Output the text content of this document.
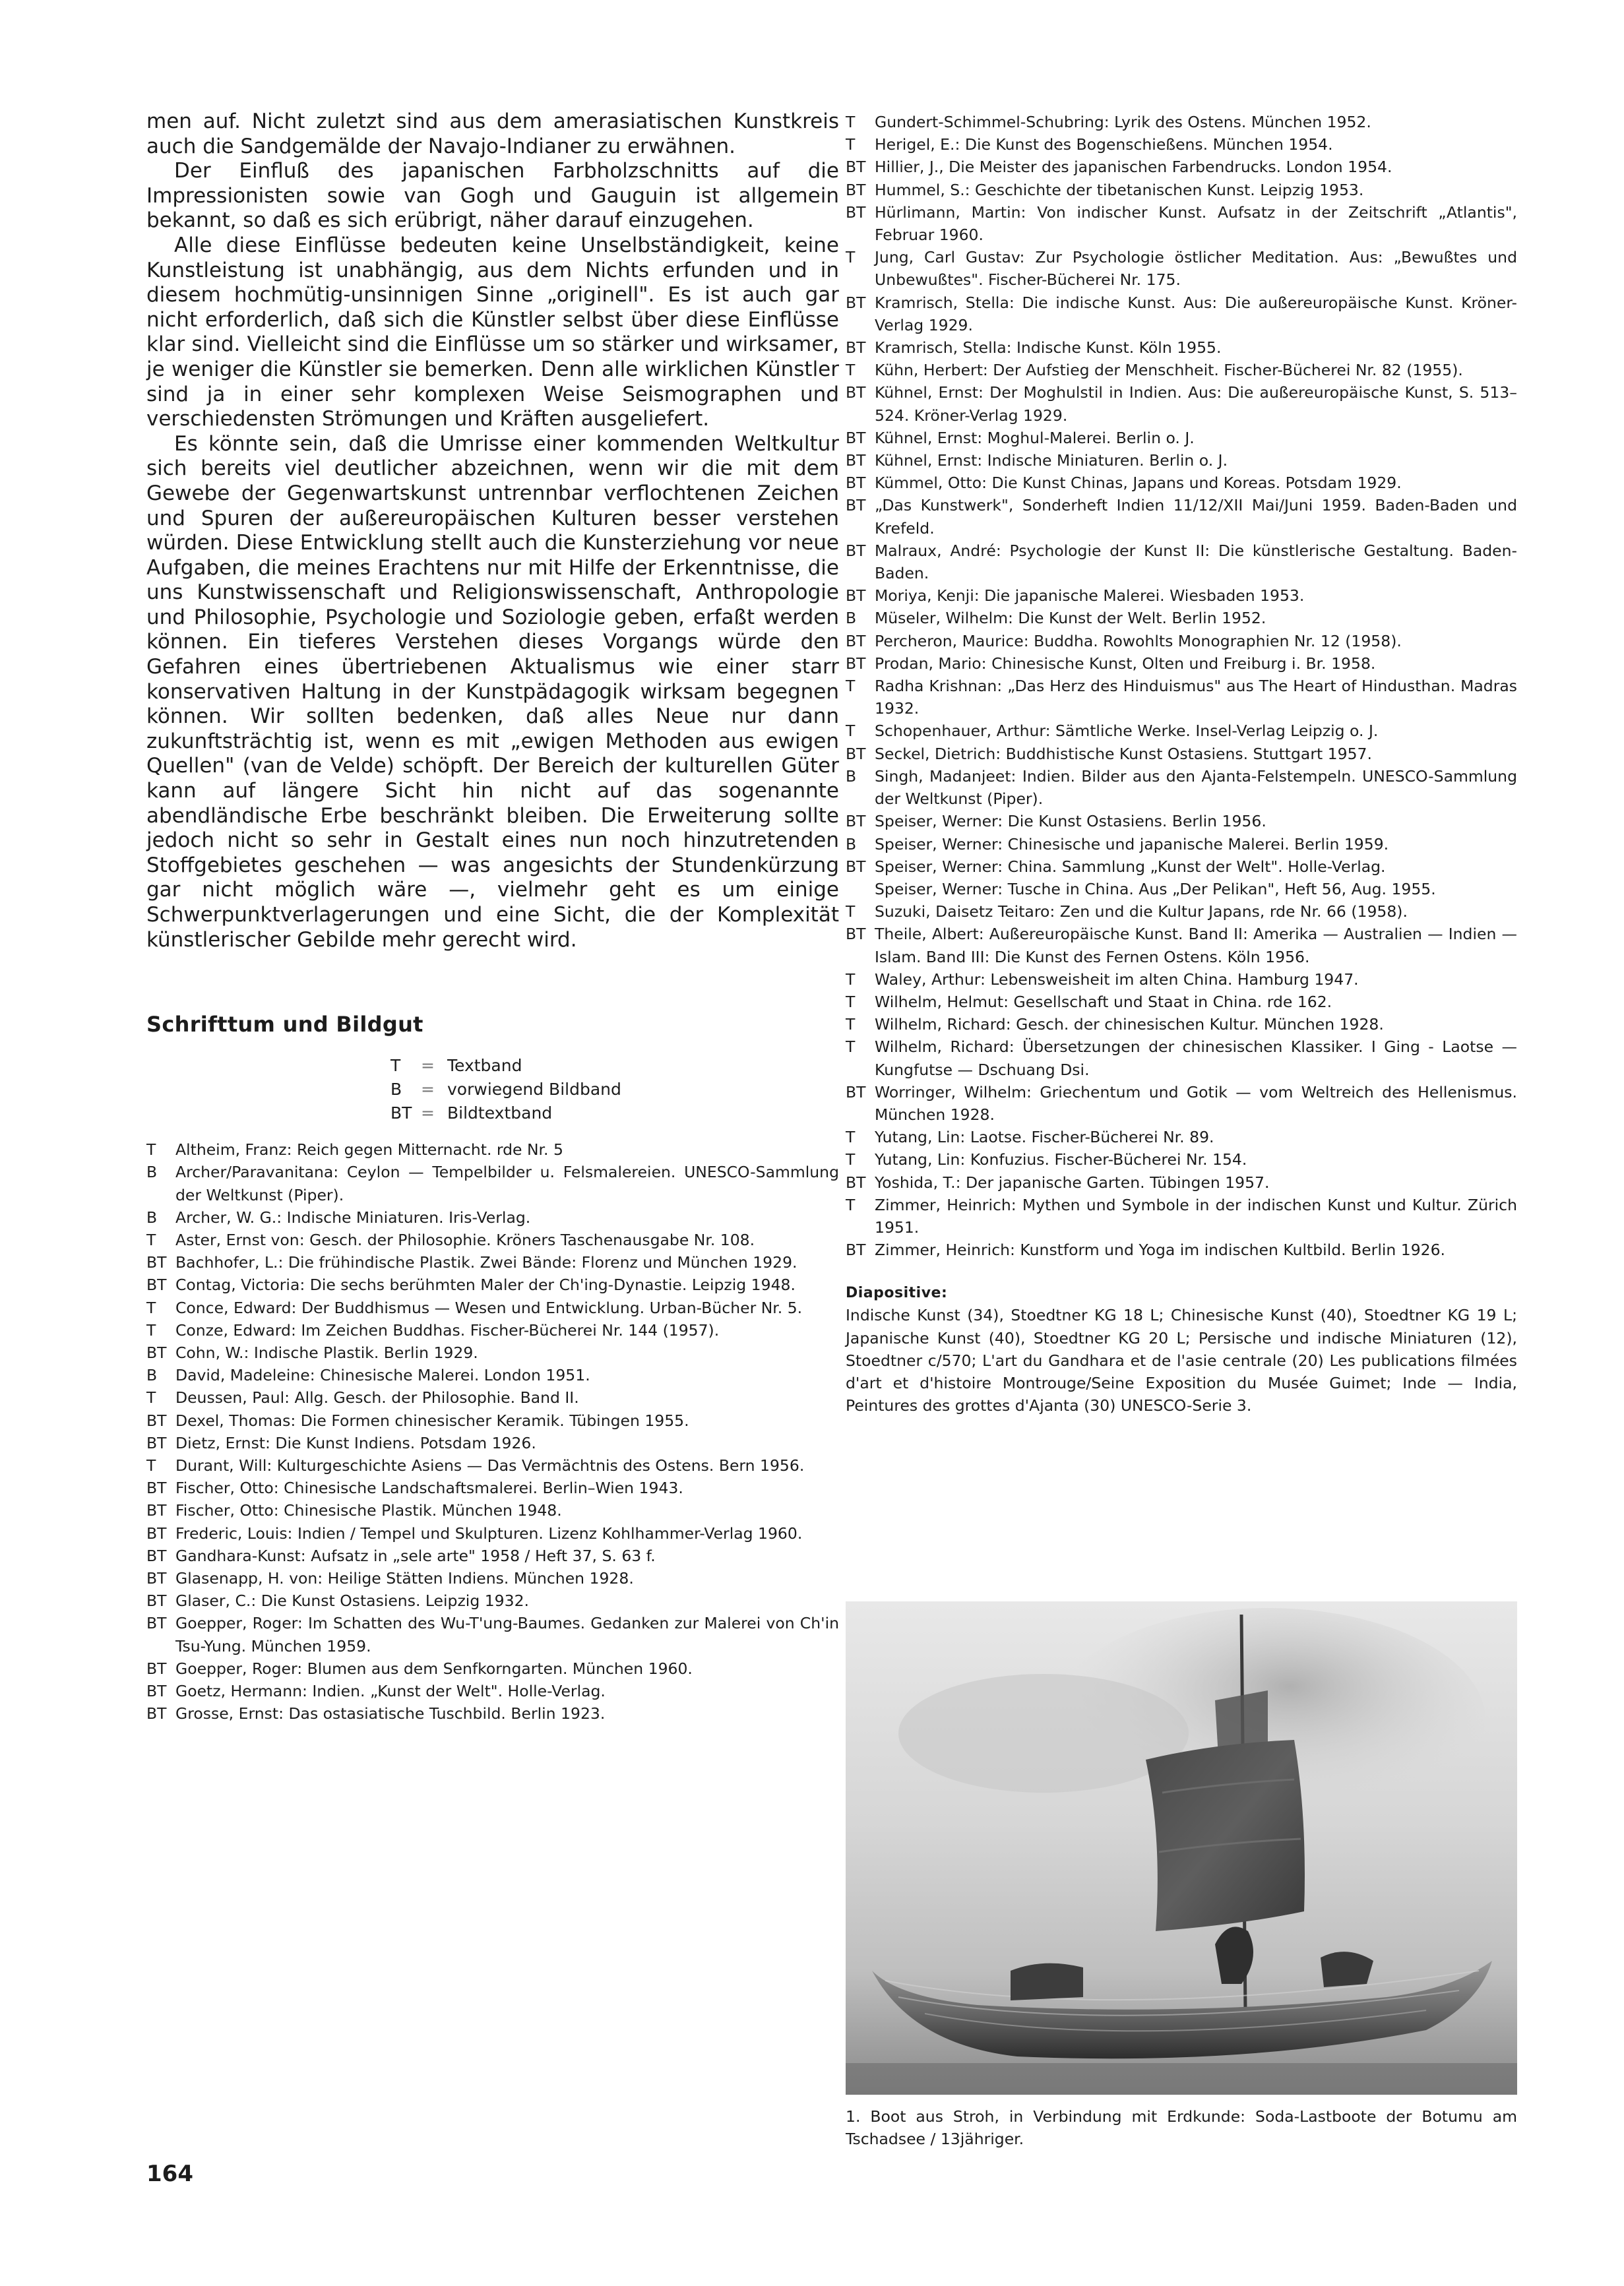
men auf. Nicht zuletzt sind aus dem amerasiatischen Kunstkreis auch die Sandgemälde der Navajo-Indianer zu erwähnen.

Der Einfluß des japanischen Farbholzschnitts auf die Impressionisten sowie van Gogh und Gauguin ist allgemein bekannt, so daß es sich erübrigt, näher darauf einzugehen.

Alle diese Einflüsse bedeuten keine Unselbständigkeit, keine Kunstleistung ist unabhängig, aus dem Nichts erfunden und in diesem hochmütig-unsinnigen Sinne „originell". Es ist auch gar nicht erforderlich, daß sich die Künstler selbst über diese Einflüsse klar sind. Vielleicht sind die Einflüsse um so stärker und wirksamer, je weniger die Künstler sie bemerken. Denn alle wirklichen Künstler sind ja in einer sehr komplexen Weise Seismographen und verschiedensten Strömungen und Kräften ausgeliefert.

Es könnte sein, daß die Umrisse einer kommenden Weltkultur sich bereits viel deutlicher abzeichnen, wenn wir die mit dem Gewebe der Gegenwartskunst untrennbar verflochtenen Zeichen und Spuren der außereuropäischen Kulturen besser verstehen würden. Diese Entwicklung stellt auch die Kunsterziehung vor neue Aufgaben, die meines Erachtens nur mit Hilfe der Erkenntnisse, die uns Kunstwissenschaft und Religionswissenschaft, Anthropologie und Philosophie, Psychologie und Soziologie geben, erfaßt werden können. Ein tieferes Verstehen dieses Vorgangs würde den Gefahren eines übertriebenen Aktualismus wie einer starr konservativen Haltung in der Kunstpädagogik wirksam begegnen können. Wir sollten bedenken, daß alles Neue nur dann zukunftsträchtig ist, wenn es mit „ewigen Methoden aus ewigen Quellen" (van de Velde) schöpft. Der Bereich der kulturellen Güter kann auf längere Sicht hin nicht auf das sogenannte abendländische Erbe beschränkt bleiben. Die Erweiterung sollte jedoch nicht so sehr in Gestalt eines nun noch hinzutretenden Stoffgebietes geschehen — was angesichts der Stundenkürzung gar nicht möglich wäre —, vielmehr geht es um einige Schwerpunktverlagerungen und eine Sicht, die der Komplexität künstlerischer Gebilde mehr gerecht wird.

Schrifttum und Bildgut
T	= Textband
B	= vorwiegend Bildband
BT = Bildtextband
T	Altheim, Franz: Reich gegen Mitternacht. rde Nr. 5
B	Archer/Paravanitana: Ceylon — Tempelbilder u. Felsmalereien. UNESCO-Sammlung der Weltkunst (Piper).
B	Archer, W. G.: Indische Miniaturen. Iris-Verlag.
T	Aster, Ernst von: Gesch. der Philosophie. Kröners Taschenausgabe Nr. 108.
BT Bachhofer, L.: Die frühindische Plastik. Zwei Bände: Florenz und München 1929.
BT Contag, Victoria: Die sechs berühmten Maler der Ch'ing-Dynastie. Leipzig 1948.
T	Conce, Edward: Der Buddhismus — Wesen und Entwicklung. Urban-Bücher Nr. 5.
T	Conze, Edward: Im Zeichen Buddhas. Fischer-Bücherei Nr. 144 (1957).
BT Cohn, W.: Indische Plastik. Berlin 1929.
B	David, Madeleine: Chinesische Malerei. London 1951.
T	Deussen, Paul: Allg. Gesch. der Philosophie. Band II.
BT Dexel, Thomas: Die Formen chinesischer Keramik. Tübingen 1955.
BT Dietz, Ernst: Die Kunst Indiens. Potsdam 1926.
T	Durant, Will: Kulturgeschichte Asiens — Das Vermächtnis des Ostens. Bern 1956.
BT Fischer, Otto: Chinesische Landschaftsmalerei. Berlin–Wien 1943.
BT Fischer, Otto: Chinesische Plastik. München 1948.
BT Frederic, Louis: Indien / Tempel und Skulpturen. Lizenz Kohlhammer-Verlag 1960.
BT Gandhara-Kunst: Aufsatz in „sele arte" 1958 / Heft 37, S. 63 f.
BT Glasenapp, H. von: Heilige Stätten Indiens. München 1928.
BT Glaser, C.: Die Kunst Ostasiens. Leipzig 1932.
BT Goepper, Roger: Im Schatten des Wu-T'ung-Baumes. Gedanken zur Malerei von Ch'in Tsu-Yung. München 1959.
BT Goepper, Roger: Blumen aus dem Senfkorngarten. München 1960.
BT Goetz, Hermann: Indien. „Kunst der Welt". Holle-Verlag.
BT Grosse, Ernst: Das ostasiatische Tuschbild. Berlin 1923.
T	Gundert-Schimmel-Schubring: Lyrik des Ostens. München 1952.
T	Herigel, E.: Die Kunst des Bogenschießens. München 1954.
BT Hillier, J., Die Meister des japanischen Farbendrucks. London 1954.
BT Hummel, S.: Geschichte der tibetanischen Kunst. Leipzig 1953.
BT Hürlimann, Martin: Von indischer Kunst. Aufsatz in der Zeitschrift „Atlantis", Februar 1960.
T	Jung, Carl Gustav: Zur Psychologie östlicher Meditation. Aus: „Bewußtes und Unbewußtes". Fischer-Bücherei Nr. 175.
BT Kramrisch, Stella: Die indische Kunst. Aus: Die außereuropäische Kunst. Kröner-Verlag 1929.
BT Kramrisch, Stella: Indische Kunst. Köln 1955.
T	Kühn, Herbert: Der Aufstieg der Menschheit. Fischer-Bücherei Nr. 82 (1955).
BT Kühnel, Ernst: Der Moghulstil in Indien. Aus: Die außereuropäische Kunst, S. 513–524. Kröner-Verlag 1929.
BT Kühnel, Ernst: Moghul-Malerei. Berlin o. J.
BT Kühnel, Ernst: Indische Miniaturen. Berlin o. J.
BT Kümmel, Otto: Die Kunst Chinas, Japans und Koreas. Potsdam 1929.
BT „Das Kunstwerk", Sonderheft Indien 11/12/XII Mai/Juni 1959. Baden-Baden und Krefeld.
BT Malraux, André: Psychologie der Kunst II: Die künstlerische Gestaltung. Baden-Baden.
BT Moriya, Kenji: Die japanische Malerei. Wiesbaden 1953.
B	Müseler, Wilhelm: Die Kunst der Welt. Berlin 1952.
BT Percheron, Maurice: Buddha. Rowohlts Monographien Nr. 12 (1958).
BT Prodan, Mario: Chinesische Kunst, Olten und Freiburg i. Br. 1958.
T	Radha Krishnan: „Das Herz des Hinduismus" aus The Heart of Hindusthan. Madras 1932.
T	Schopenhauer, Arthur: Sämtliche Werke. Insel-Verlag Leipzig o. J.
BT Seckel, Dietrich: Buddhistische Kunst Ostasiens. Stuttgart 1957.
B	Singh, Madanjeet: Indien. Bilder aus den Ajanta-Felstempeln. UNESCO-Sammlung der Weltkunst (Piper).
BT Speiser, Werner: Die Kunst Ostasiens. Berlin 1956.
B	Speiser, Werner: Chinesische und japanische Malerei. Berlin 1959.
BT Speiser, Werner: China. Sammlung „Kunst der Welt". Holle-Verlag.
Speiser, Werner: Tusche in China. Aus „Der Pelikan", Heft 56, Aug. 1955.
T	Suzuki, Daisetz Teitaro: Zen und die Kultur Japans, rde Nr. 66 (1958).
BT Theile, Albert: Außereuropäische Kunst. Band II: Amerika — Australien — Indien — Islam. Band III: Die Kunst des Fernen Ostens. Köln 1956.
T	Waley, Arthur: Lebensweisheit im alten China. Hamburg 1947.
T	Wilhelm, Helmut: Gesellschaft und Staat in China. rde 162.
T	Wilhelm, Richard: Gesch. der chinesischen Kultur. München 1928.
T	Wilhelm, Richard: Übersetzungen der chinesischen Klassiker. I Ging - Laotse — Kungfutse — Dschuang Dsi.
BT Worringer, Wilhelm: Griechentum und Gotik — vom Weltreich des Hellenismus. München 1928.
T	Yutang, Lin: Laotse. Fischer-Bücherei Nr. 89.
T	Yutang, Lin: Konfuzius. Fischer-Bücherei Nr. 154.
BT Yoshida, T.: Der japanische Garten. Tübingen 1957.
T	Zimmer, Heinrich: Mythen und Symbole in der indischen Kunst und Kultur. Zürich 1951.
BT Zimmer, Heinrich: Kunstform und Yoga im indischen Kultbild. Berlin 1926.
Diapositive:

Indische Kunst (34), Stoedtner KG 18 L; Chinesische Kunst (40), Stoedtner KG 19 L; Japanische Kunst (40), Stoedtner KG 20 L; Persische und indische Miniaturen (12), Stoedtner c/570; L'art du Gandhara et de l'asie centrale (20) Les publications filmées d'art et d'histoire Montrouge/Seine Exposition du Musée Guimet; Inde — India, Peintures des grottes d'Ajanta (30) UNESCO-Serie 3.

1. Boot aus Stroh, in Verbindung mit Erdkunde: Soda-Lastboote der Botumu am Tschadsee / 13jähriger.

164
